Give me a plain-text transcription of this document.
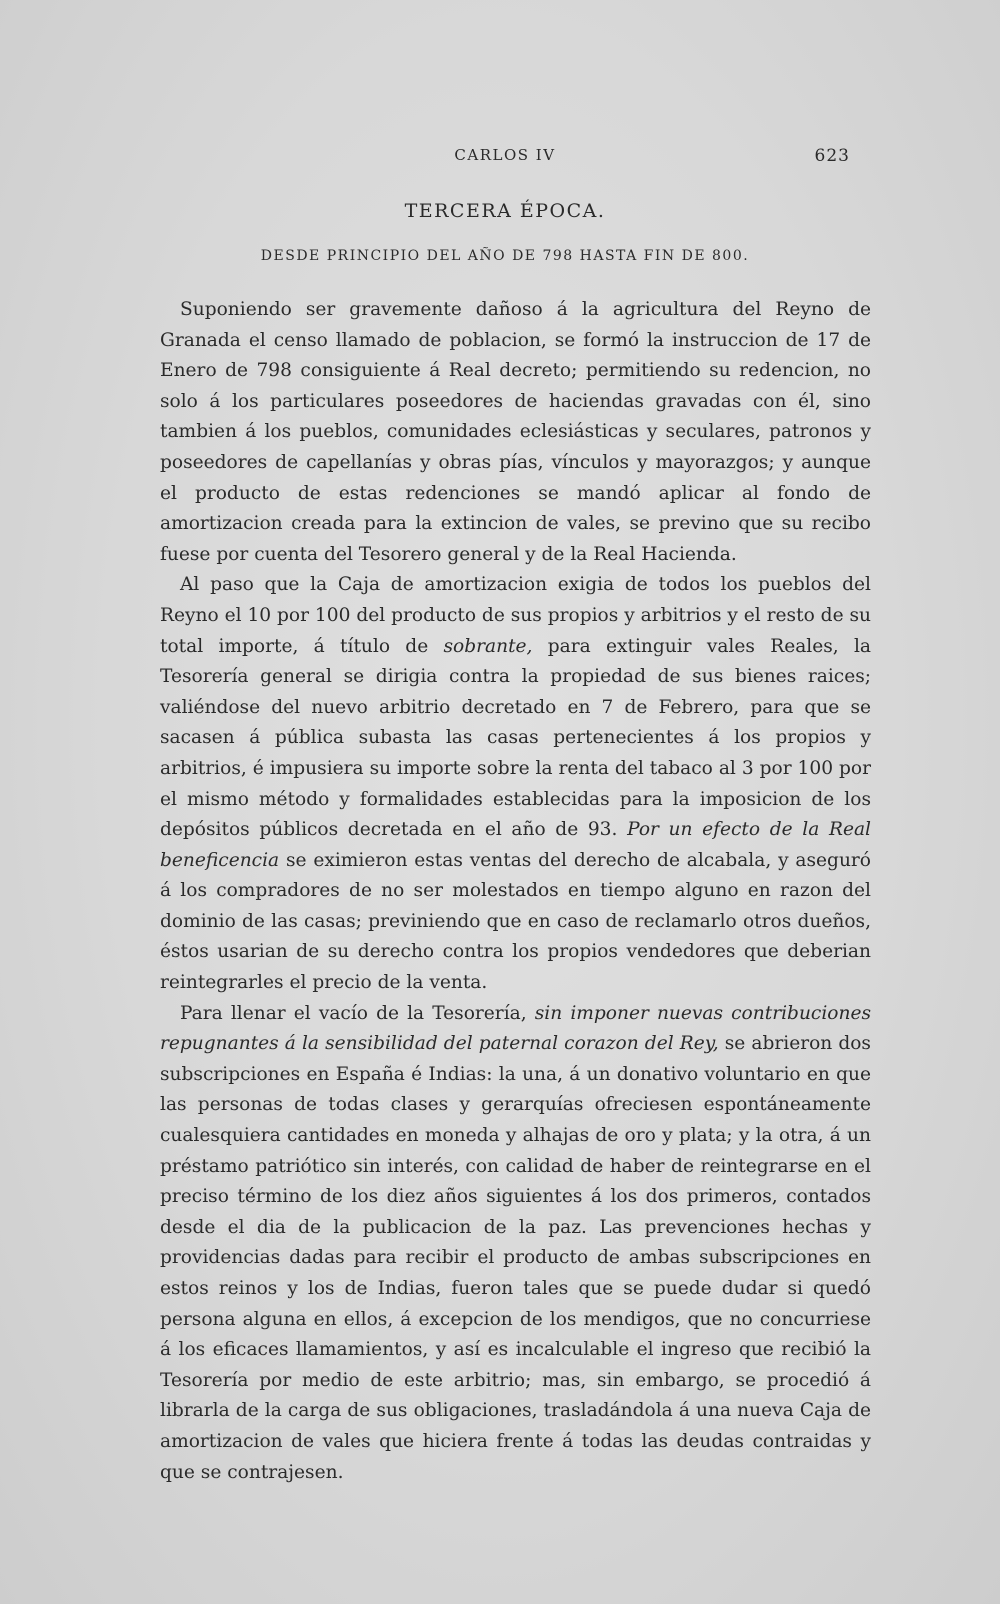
CARLOS IV	623
TERCERA ÉPOCA.
DESDE PRINCIPIO DEL AÑO DE 798 HASTA FIN DE 800.

Suponiendo ser gravemente dañoso á la agricultura del Reyno de Granada el censo llamado de poblacion, se formó la instruccion de 17 de Enero de 798 consiguiente á Real decreto; permitiendo su redencion, no solo á los particulares poseedores de haciendas gravadas con él, sino tambien á los pueblos, comunidades eclesiásticas y seculares, patronos y poseedores de capellanías y obras pías, vínculos y mayorazgos; y aunque el producto de estas redenciones se mandó aplicar al fondo de amortizacion creada para la extincion de vales, se previno que su recibo fuese por cuenta del Tesorero general y de la Real Hacienda.

Al paso que la Caja de amortizacion exigia de todos los pueblos del Reyno el 10 por 100 del producto de sus propios y arbitrios y el resto de su total importe, á título de sobrante, para extinguir vales Reales, la Tesorería general se dirigia contra la propiedad de sus bienes raices; valiéndose del nuevo arbitrio decretado en 7 de Febrero, para que se sacasen á pública subasta las casas pertenecientes á los propios y arbitrios, é impusiera su importe sobre la renta del tabaco al 3 por 100 por el mismo método y formalidades establecidas para la imposicion de los depósitos públicos decretada en el año de 93. Por un efecto de la Real beneficencia se eximieron estas ventas del derecho de alcabala, y aseguró á los compradores de no ser molestados en tiempo alguno en razon del dominio de las casas; previniendo que en caso de reclamarlo otros dueños, éstos usarian de su derecho contra los propios vendedores que deberian reintegrarles el precio de la venta.

Para llenar el vacío de la Tesorería, sin imponer nuevas contribuciones repugnantes á la sensibilidad del paternal corazon del Rey, se abrieron dos subscripciones en España é Indias: la una, á un donativo voluntario en que las personas de todas clases y gerarquías ofreciesen espontáneamente cualesquiera cantidades en moneda y alhajas de oro y plata; y la otra, á un préstamo patriótico sin interés, con calidad de haber de reintegrarse en el preciso término de los diez años siguientes á los dos primeros, contados desde el dia de la publicacion de la paz. Las prevenciones hechas y providencias dadas para recibir el producto de ambas subscripciones en estos reinos y los de Indias, fueron tales que se puede dudar si quedó persona alguna en ellos, á excepcion de los mendigos, que no concurriese á los eficaces llamamientos, y así es incalculable el ingreso que recibió la Tesorería por medio de este arbitrio; mas, sin embargo, se procedió á librarla de la carga de sus obligaciones, trasladándola á una nueva Caja de amortizacion de vales que hiciera frente á todas las deudas contraidas y que se contrajesen.
